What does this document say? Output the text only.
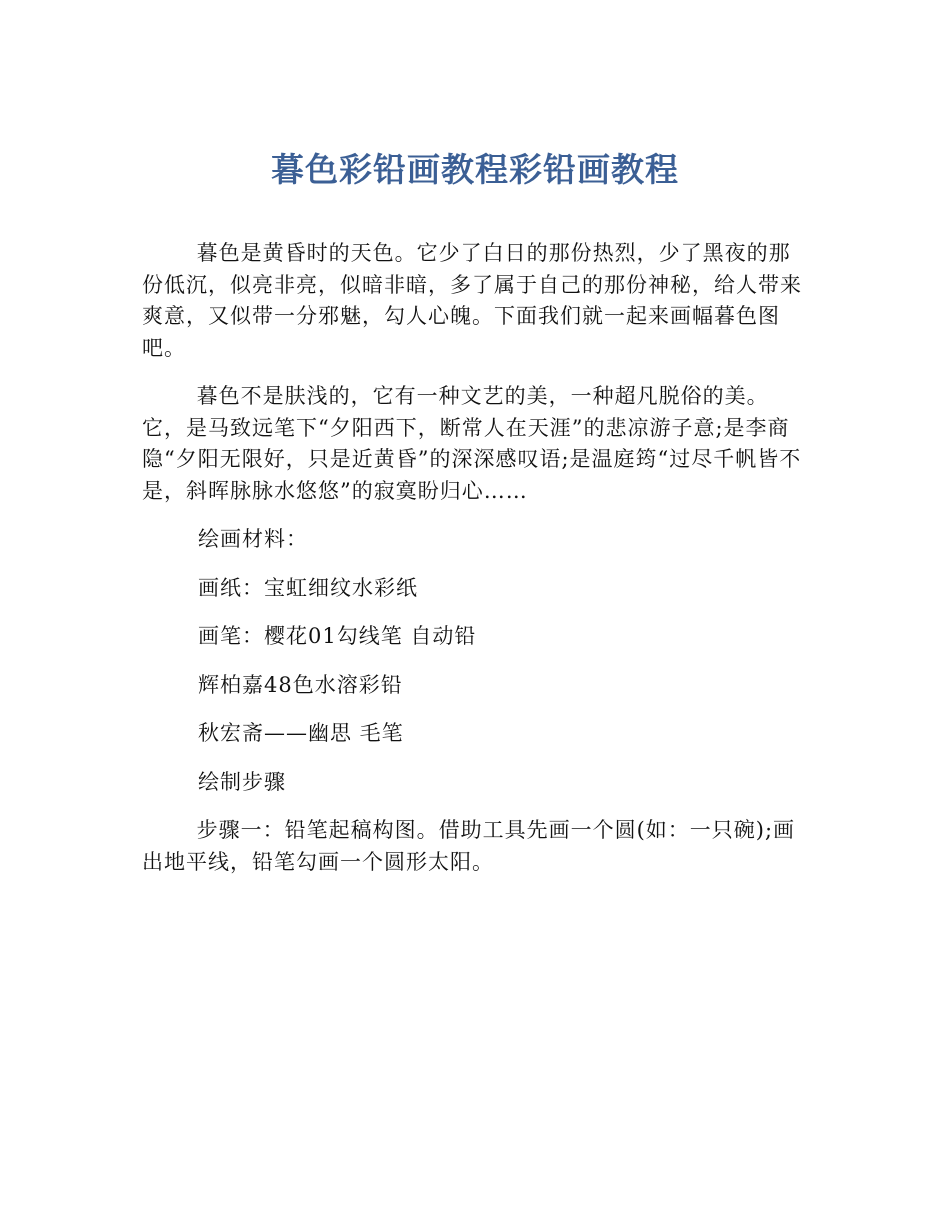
暮色彩铅画教程彩铅画教程

暮色是黄昏时的天色。它少了白日的那份热烈，少了黑夜的那份低沉，似亮非亮，似暗非暗，多了属于自己的那份神秘，给人带来爽意，又似带一分邪魅，勾人心魄。下面我们就一起来画幅暮色图吧。

暮色不是肤浅的，它有一种文艺的美，一种超凡脱俗的美。它，是马致远笔下“夕阳西下，断常人在天涯”的悲凉游子意;是李商隐“夕阳无限好，只是近黄昏”的深深感叹语;是温庭筠“过尽千帆皆不是，斜晖脉脉水悠悠”的寂寞盼归心……

绘画材料：

画纸：宝虹细纹水彩纸

画笔：樱花01勾线笔 自动铅

辉柏嘉48色水溶彩铅

秋宏斋——幽思 毛笔

绘制步骤

步骤一：铅笔起稿构图。借助工具先画一个圆(如：一只碗);画出地平线，铅笔勾画一个圆形太阳。
